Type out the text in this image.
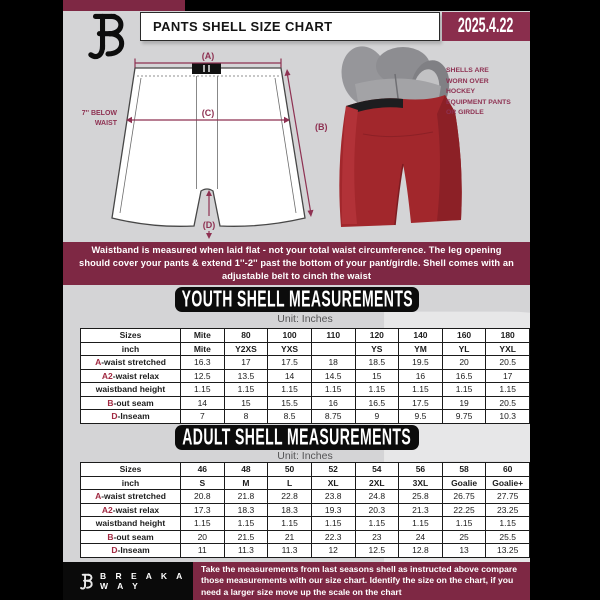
PANTS SHELL SIZE CHART	2025.4.22
(A)
(B)
(C)
(D)
7'' BELOW
WAIST
SHELLS ARE WORN OVER HOCKEY EQUIPMENT PANTS OR GIRDLE
Waistband is measured when laid flat - not your total waist circumference. The leg opening should cover your pants & extend 1''-2'' past the bottom of your pant/girdle. Shell comes with an adjustable belt to cinch the waist
YOUTH SHELL MEASUREMENTS
Unit: Inches
Sizes	Mite	80	100	110	120	140	160	180
inch	Mite	Y2XS	YXS		YS	YM	YL	YXL
A-waist stretched	16.3	17	17.5	18	18.5	19.5	20	20.5
A2-waist relax	12.5	13.5	14	14.5	15	16	16.5	17
waistband height	1.15	1.15	1.15	1.15	1.15	1.15	1.15	1.15
B-out seam	14	15	15.5	16	16.5	17.5	19	20.5
D-Inseam	7	8	8.5	8.75	9	9.5	9.75	10.3
ADULT SHELL MEASUREMENTS
Unit: Inches
Sizes	46	48	50	52	54	56	58	60
inch	S	M	L	XL	2XL	3XL	Goalie	Goalie+
A-waist stretched	20.8	21.8	22.8	23.8	24.8	25.8	26.75	27.75
A2-waist relax	17.3	18.3	18.3	19.3	20.3	21.3	22.25	23.25
waistband height	1.15	1.15	1.15	1.15	1.15	1.15	1.15	1.15
B-out seam	20	21.5	21	22.3	23	24	25	25.5
D-Inseam	11	11.3	11.3	12	12.5	12.8	13	13.25
B R E A K A W A Y
Take the measurements from last seasons shell as instructed above compare those measurements with our size chart. Identify the size on the chart, if you need a larger size move up the scale on the chart
